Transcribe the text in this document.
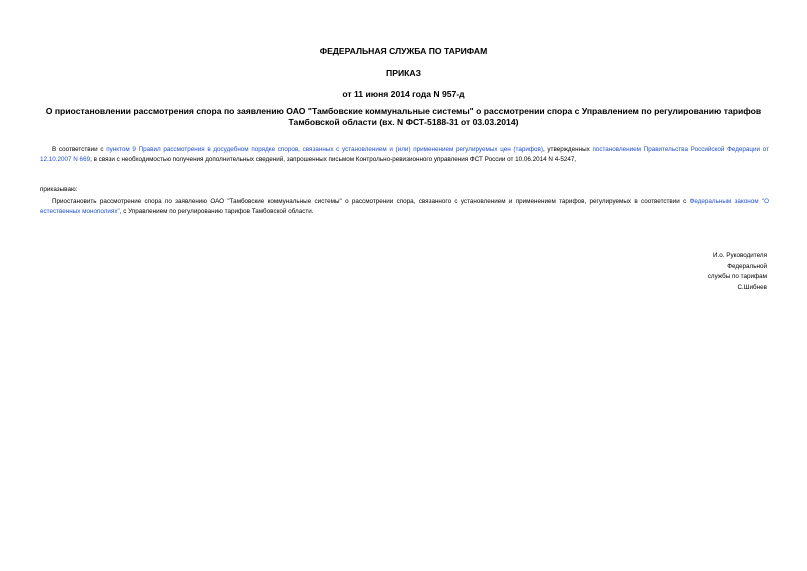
ФЕДЕРАЛЬНАЯ СЛУЖБА ПО ТАРИФАМ
ПРИКАЗ
от 11 июня 2014 года N 957-д
О приостановлении рассмотрения спора по заявлению ОАО "Тамбовские коммунальные системы" о рассмотрении спора с Управлением по регулированию тарифов Тамбовской области (вх. N ФСТ-5188-31 от 03.03.2014)
В соответствии с пунктом 9 Правил рассмотрения в досудебном порядке споров, связанных с установлением и (или) применением регулируемых цен (тарифов), утвержденных постановлением Правительства Российской Федерации от 12.10.2007 N 669, в связи с необходимостью получения дополнительных сведений, запрошенных письмом Контрольно-ревизионного управления ФСТ России от 10.06.2014 N 4-5247,
приказываю:
Приостановить рассмотрение спора по заявлению ОАО "Тамбовские коммунальные системы" о рассмотрении спора, связанного с установлением и применением тарифов, регулируемых в соответствии с Федеральным законом "О естественных монополиях", с Управлением по регулированию тарифов Тамбовской области.
И.о. Руководителя
Федеральной
службы по тарифам
С.Шибнев
